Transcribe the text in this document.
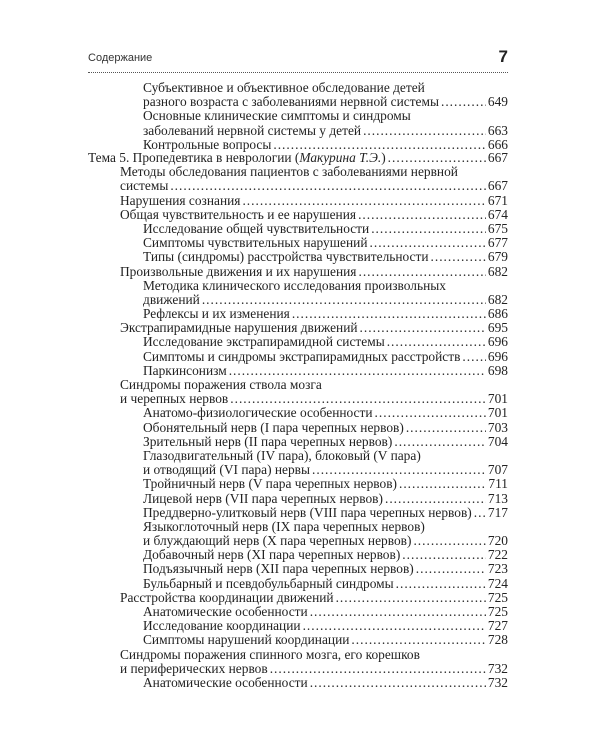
Содержание	7
Субъективное и объективное обследование детей
разного возраста с заболеваниями нервной системы .....	649
Основные клинические симптомы и синдромы
заболеваний нервной системы у детей .....	663
Контрольные вопросы .....	666
Тема 5. Пропедевтика в неврологии (Макурина Т.Э.) .....	667
Методы обследования пациентов с заболеваниями нервной
системы .....	667
Нарушения сознания .....	671
Общая чувствительность и ее нарушения .....	674
Исследование общей чувствительности .....	675
Симптомы чувствительных нарушений .....	677
Типы (синдромы) расстройства чувствительности .....	679
Произвольные движения и их нарушения .....	682
Методика клинического исследования произвольных
движений .....	682
Рефлексы и их изменения .....	686
Экстрапирамидные нарушения движений .....	695
Исследование экстрапирамидной системы .....	696
Симптомы и синдромы экстрапирамидных расстройств ..... 696
Паркинсонизм .....	698
Синдромы поражения ствола мозга
и черепных нервов .....	701
Анатомо-физиологические особенности .....	701
Обонятельный нерв (I пара черепных нервов) .....	703
Зрительный нерв (II пара черепных нервов) .....	704
Глазодвигательный (IV пара), блоковый (V пара)
и отводящий (VI пара) нервы .....	707
Тройничный нерв (V пара черепных нервов) .....	711
Лицевой нерв (VII пара черепных нервов) .....	713
Преддверно-улитковый нерв (VIII пара черепных нервов) ..... 717
Языкоглоточный нерв (IX пара черепных нервов)
и блуждающий нерв (X пара черепных нервов) .....	720
Добавочный нерв (XI пара черепных нервов) .....	722
Подъязычный нерв (XII пара черепных нервов) .....	723
Бульбарный и псевдобульбарный синдромы .....	724
Расстройства координации движений .....	725
Анатомические особенности .....	725
Исследование координации .....	727
Симптомы нарушений координации .....	728
Синдромы поражения спинного мозга, его корешков
и периферических нервов .....	732
Анатомические особенности .....	732
